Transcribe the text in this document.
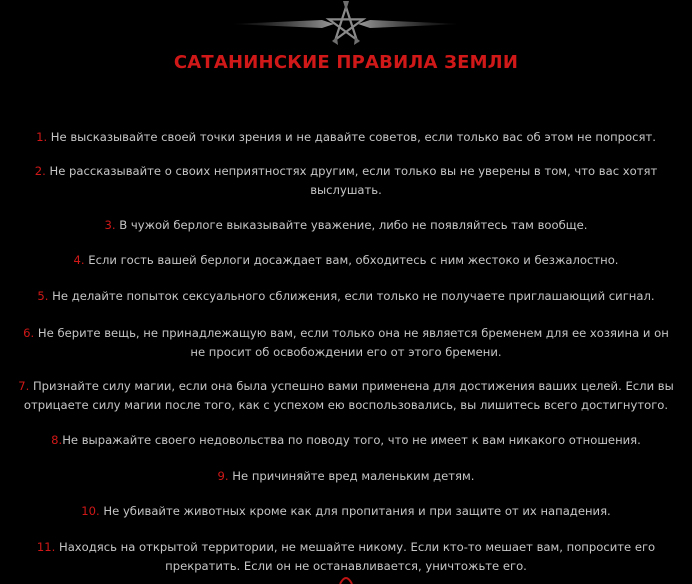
САТАНИНСКИЕ ПРАВИЛА ЗЕМЛИ

1. Не высказывайте своей точки зрения и не давайте советов, если только вас об этом не попросят.

2. Не рассказывайте о своих неприятностях другим, если только вы не уверены в том, что вас хотят выслушать.

3. В чужой берлоге выказывайте уважение, либо не появляйтесь там вообще.

4. Если гость вашей берлоги досаждает вам, обходитесь с ним жестоко и безжалостно.

5. Не делайте попыток сексуального сближения, если только не получаете приглашающий сигнал.

6. Не берите вещь, не принадлежащую вам, если только она не является бременем для ее хозяина и он не просит об освобождении его от этого бремени.

7. Признайте силу магии, если она была успешно вами применена для достижения ваших целей. Если вы отрицаете силу магии после того, как с успехом ею воспользовались, вы лишитесь всего достигнутого.

8.Не выражайте своего недовольства по поводу того, что не имеет к вам никакого отношения.

9. Не причиняйте вред маленьким детям.

10. Не убивайте животных кроме как для пропитания и при защите от их нападения.

11. Находясь на открытой территории, не мешайте никому. Если кто-то мешает вам, попросите его прекратить. Если он не останавливается, уничтожьте его.
